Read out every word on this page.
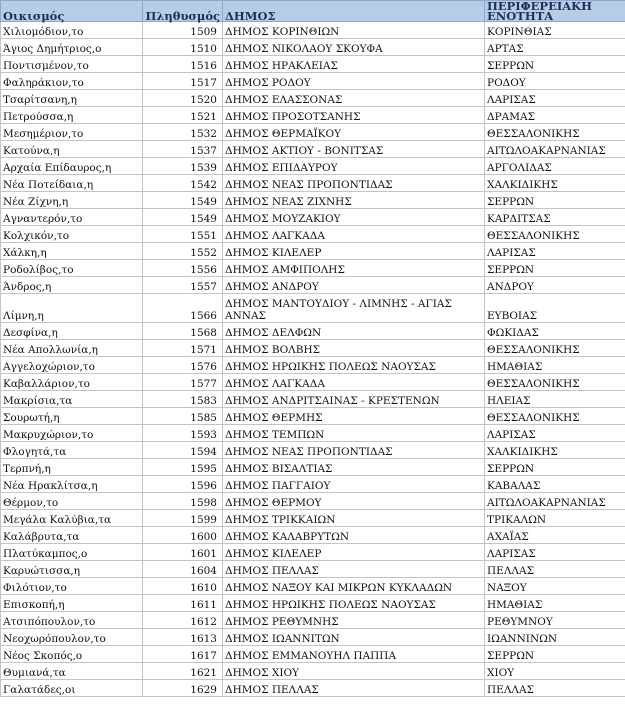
Οικισμός	Πληθυσμός	ΔΗΜΟΣ	ΠΕΡΙΦΕΡΕΙΑΚΗ ΕΝΟΤΗΤΑ
Χιλιομόδιον,το	1509	ΔΗΜΟΣ ΚΟΡΙΝΘΙΩΝ	ΚΟΡΙΝΘΙΑΣ
Άγιος Δημήτριος,ο	1510	ΔΗΜΟΣ ΝΙΚΟΛΑΟΥ ΣΚΟΥΦΑ	ΑΡΤΑΣ
Ποντισμένον,το	1516	ΔΗΜΟΣ ΗΡΑΚΛΕΙΑΣ	ΣΕΡΡΩΝ
Φαληράκιον,το	1517	ΔΗΜΟΣ ΡΟΔΟΥ	ΡΟΔΟΥ
Τσαρίτσανη,η	1520	ΔΗΜΟΣ ΕΛΑΣΣΟΝΑΣ	ΛΑΡΙΣΑΣ
Πετρούσσα,η	1521	ΔΗΜΟΣ ΠΡΟΣΟΤΣΑΝΗΣ	ΔΡΑΜΑΣ
Μεσημέριον,το	1532	ΔΗΜΟΣ ΘΕΡΜΑΪΚΟΥ	ΘΕΣΣΑΛΟΝΙΚΗΣ
Κατούνα,η	1537	ΔΗΜΟΣ ΑΚΤΙΟΥ - ΒΟΝΙΤΣΑΣ	ΑΙΤΩΛΟΑΚΑΡΝΑΝΙΑΣ
Αρχαία Επίδαυρος,η	1539	ΔΗΜΟΣ ΕΠΙΔΑΥΡΟΥ	ΑΡΓΟΛΙΔΑΣ
Νέα Ποτείδαια,η	1542	ΔΗΜΟΣ ΝΕΑΣ ΠΡΟΠΟΝΤΙΔΑΣ	ΧΑΛΚΙΔΙΚΗΣ
Νέα Ζίχνη,η	1549	ΔΗΜΟΣ ΝΕΑΣ ΖΙΧΝΗΣ	ΣΕΡΡΩΝ
Αγναντερόν,το	1549	ΔΗΜΟΣ ΜΟΥΖΑΚΙΟΥ	ΚΑΡΔΙΤΣΑΣ
Κολχικόν,το	1551	ΔΗΜΟΣ ΛΑΓΚΑΔΑ	ΘΕΣΣΑΛΟΝΙΚΗΣ
Χάλκη,η	1552	ΔΗΜΟΣ ΚΙΛΕΛΕΡ	ΛΑΡΙΣΑΣ
Ροδολίβος,το	1556	ΔΗΜΟΣ ΑΜΦΙΠΟΛΗΣ	ΣΕΡΡΩΝ
Άνδρος,η	1557	ΔΗΜΟΣ ΑΝΔΡΟΥ	ΑΝΔΡΟΥ
Λίμνη,η	1566	ΔΗΜΟΣ ΜΑΝΤΟΥΔΙΟΥ - ΛΙΜΝΗΣ - ΑΓΙΑΣ ΑΝΝΑΣ	ΕΥΒΟΙΑΣ
Δεσφίνα,η	1568	ΔΗΜΟΣ ΔΕΛΦΩΝ	ΦΩΚΙΔΑΣ
Νέα Απολλωνία,η	1571	ΔΗΜΟΣ ΒΟΛΒΗΣ	ΘΕΣΣΑΛΟΝΙΚΗΣ
Αγγελοχώριον,το	1576	ΔΗΜΟΣ ΗΡΩΙΚΗΣ ΠΟΛΕΩΣ ΝΑΟΥΣΑΣ	ΗΜΑΘΙΑΣ
Καβαλλάριον,το	1577	ΔΗΜΟΣ ΛΑΓΚΑΔΑ	ΘΕΣΣΑΛΟΝΙΚΗΣ
Μακρίσια,τα	1583	ΔΗΜΟΣ ΑΝΔΡΙΤΣΑΙΝΑΣ - ΚΡΕΣΤΕΝΩΝ	ΗΛΕΙΑΣ
Σουρωτή,η	1585	ΔΗΜΟΣ ΘΕΡΜΗΣ	ΘΕΣΣΑΛΟΝΙΚΗΣ
Μακρυχώριον,το	1593	ΔΗΜΟΣ ΤΕΜΠΩΝ	ΛΑΡΙΣΑΣ
Φλογητά,τα	1594	ΔΗΜΟΣ ΝΕΑΣ ΠΡΟΠΟΝΤΙΔΑΣ	ΧΑΛΚΙΔΙΚΗΣ
Τερπνή,η	1595	ΔΗΜΟΣ ΒΙΣΑΛΤΙΑΣ	ΣΕΡΡΩΝ
Νέα Ηρακλίτσα,η	1596	ΔΗΜΟΣ ΠΑΓΓΑΙΟΥ	ΚΑΒΑΛΑΣ
Θέρμον,το	1598	ΔΗΜΟΣ ΘΕΡΜΟΥ	ΑΙΤΩΛΟΑΚΑΡΝΑΝΙΑΣ
Μεγάλα Καλύβια,τα	1599	ΔΗΜΟΣ ΤΡΙΚΚΑΙΩΝ	ΤΡΙΚΑΛΩΝ
Καλάβρυτα,τα	1600	ΔΗΜΟΣ ΚΑΛΑΒΡΥΤΩΝ	ΑΧΑΪΑΣ
Πλατύκαμπος,ο	1601	ΔΗΜΟΣ ΚΙΛΕΛΕΡ	ΛΑΡΙΣΑΣ
Καρυώτισσα,η	1604	ΔΗΜΟΣ ΠΕΛΛΑΣ	ΠΕΛΛΑΣ
Φιλότιον,το	1610	ΔΗΜΟΣ ΝΑΞΟΥ ΚΑΙ ΜΙΚΡΩΝ ΚΥΚΛΑΔΩΝ	ΝΑΞΟΥ
Επισκοπή,η	1611	ΔΗΜΟΣ ΗΡΩΙΚΗΣ ΠΟΛΕΩΣ ΝΑΟΥΣΑΣ	ΗΜΑΘΙΑΣ
Ατσιπόπουλον,το	1612	ΔΗΜΟΣ ΡΕΘΥΜΝΗΣ	ΡΕΘΥΜΝΟΥ
Νεοχωρόπουλον,το	1613	ΔΗΜΟΣ ΙΩΑΝΝΙΤΩΝ	ΙΩΑΝΝΙΝΩΝ
Νέος Σκοπός,ο	1617	ΔΗΜΟΣ ΕΜΜΑΝΟΥΗΛ ΠΑΠΠΑ	ΣΕΡΡΩΝ
Θυμιανά,τα	1621	ΔΗΜΟΣ ΧΙΟΥ	ΧΙΟΥ
Γαλατάδες,οι	1629	ΔΗΜΟΣ ΠΕΛΛΑΣ	ΠΕΛΛΑΣ
